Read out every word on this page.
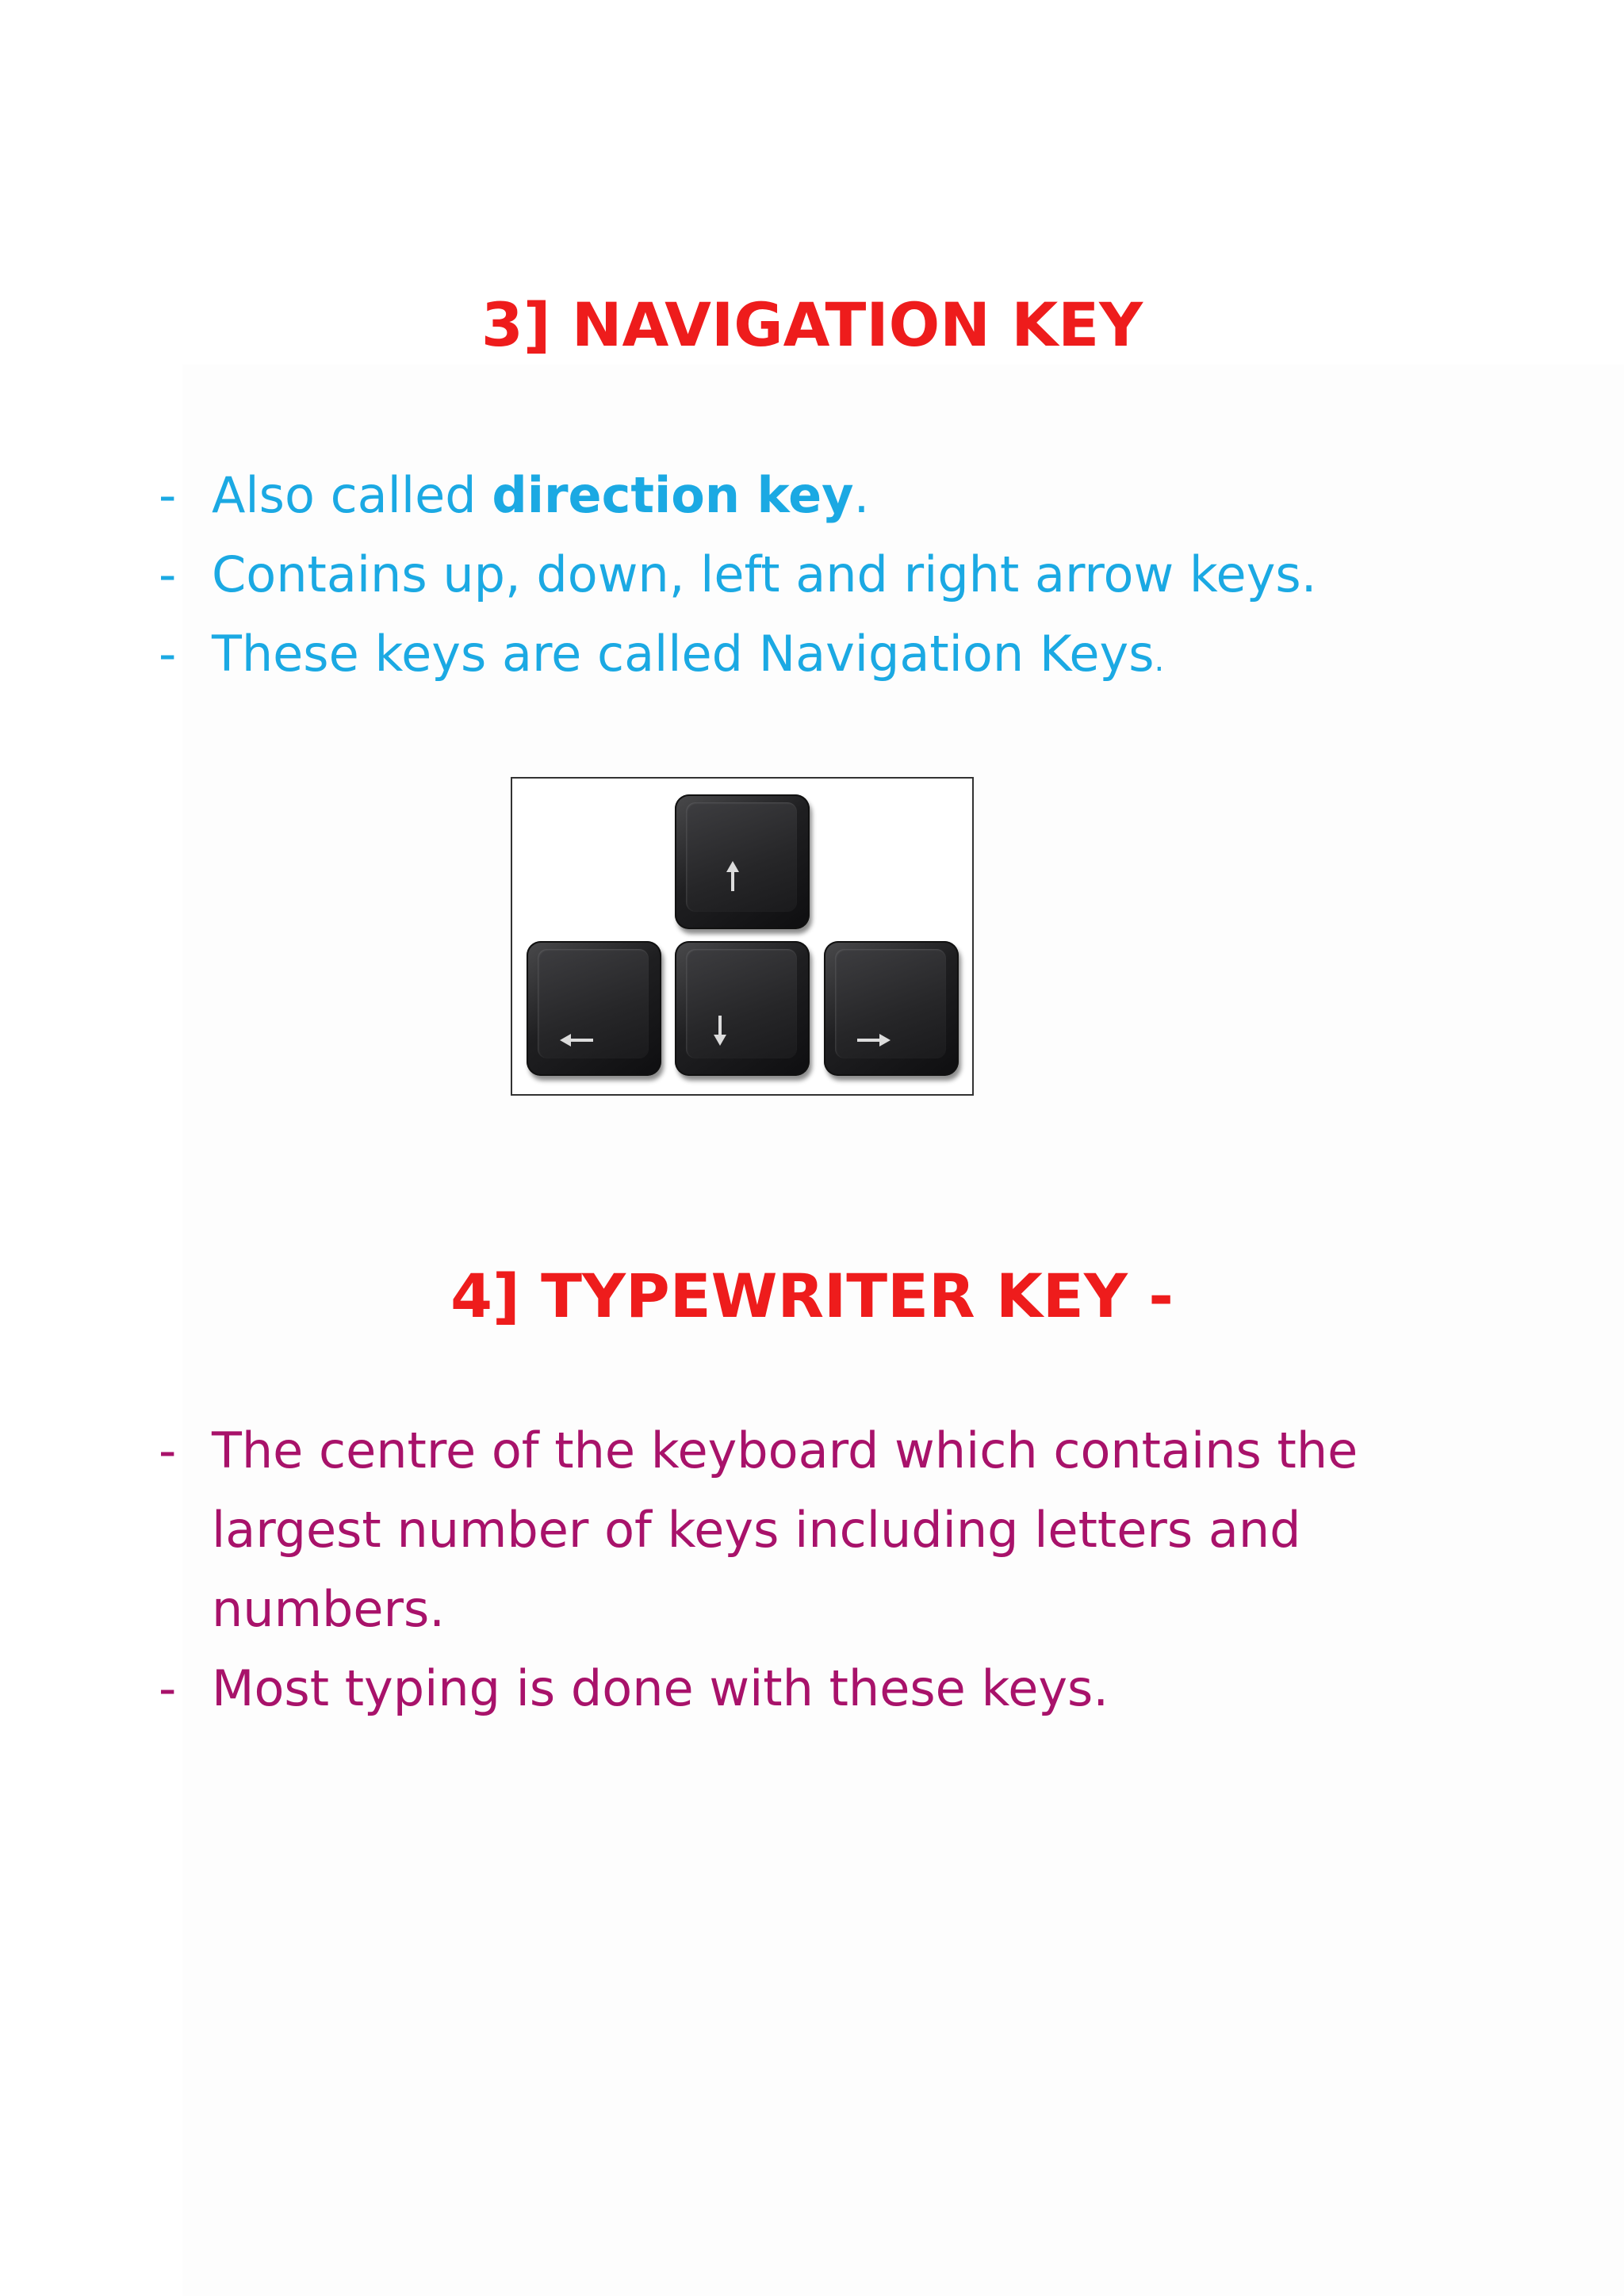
3] NAVIGATION KEY
- Also called direction key.
- Contains up, down, left and right arrow keys.
- These keys are called Navigation Keys.
4] TYPEWRITER KEY -
- The centre of the keyboard which contains the largest number of keys including letters and numbers.
- Most typing is done with these keys.
